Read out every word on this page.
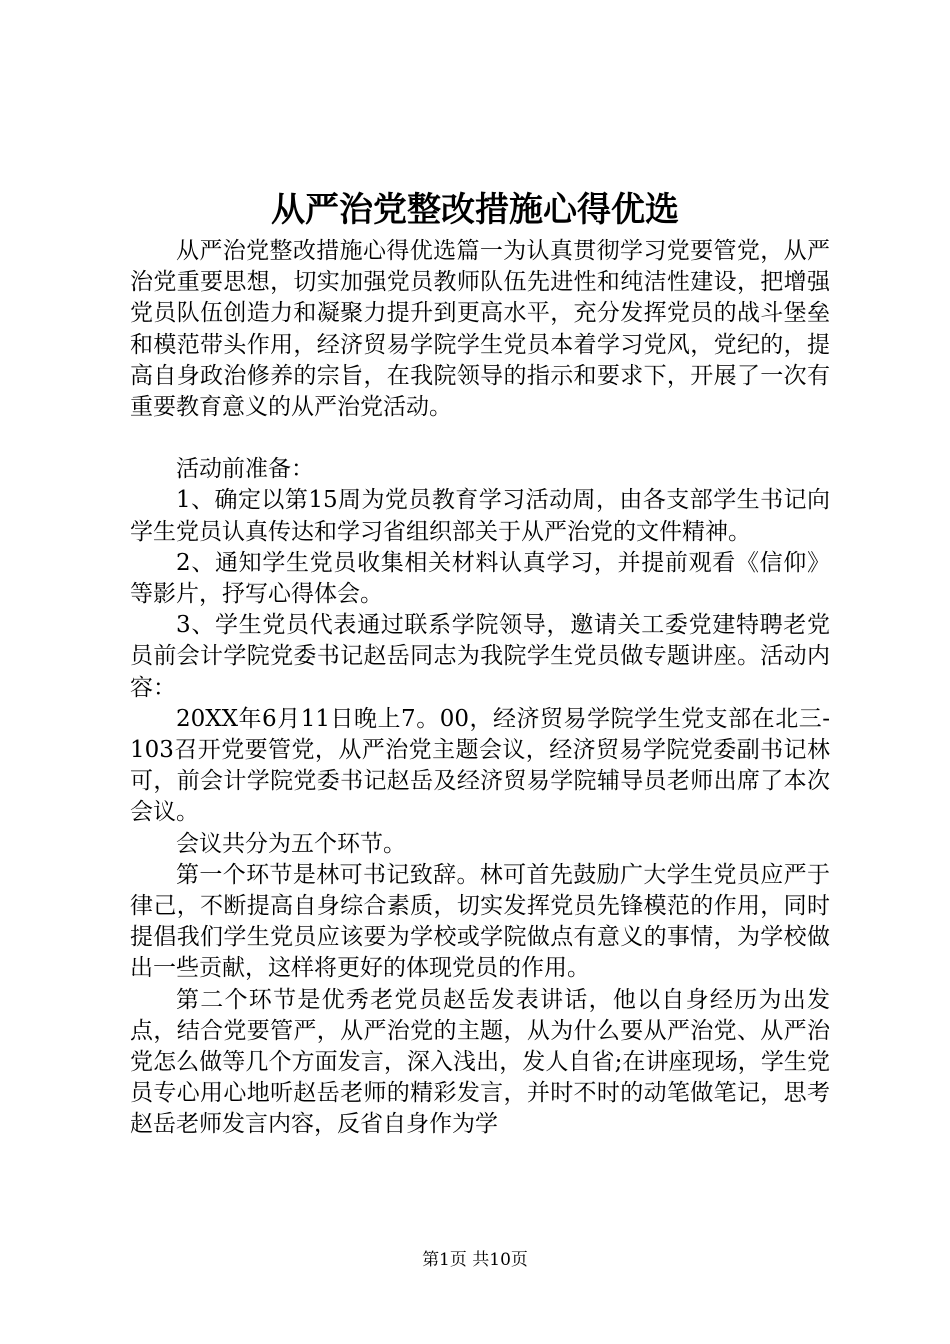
从严治党整改措施心得优选

从严治党整改措施心得优选篇一为认真贯彻学习党要管党，从严治党重要思想，切实加强党员教师队伍先进性和纯洁性建设，把增强党员队伍创造力和凝聚力提升到更高水平，充分发挥党员的战斗堡垒和模范带头作用，经济贸易学院学生党员本着学习党风，党纪的，提高自身政治修养的宗旨，在我院领导的指示和要求下，开展了一次有重要教育意义的从严治党活动。

活动前准备：

1、确定以第15周为党员教育学习活动周，由各支部学生书记向学生党员认真传达和学习省组织部关于从严治党的文件精神。

2、通知学生党员收集相关材料认真学习，并提前观看《信仰》等影片，抒写心得体会。

3、学生党员代表通过联系学院领导，邀请关工委党建特聘老党员前会计学院党委书记赵岳同志为我院学生党员做专题讲座。活动内容：

20XX年6月11日晚上7。00，经济贸易学院学生党支部在北三-103召开党要管党，从严治党主题会议，经济贸易学院党委副书记林可，前会计学院党委书记赵岳及经济贸易学院辅导员老师出席了本次会议。

会议共分为五个环节。

第一个环节是林可书记致辞。林可首先鼓励广大学生党员应严于律己，不断提高自身综合素质，切实发挥党员先锋模范的作用，同时提倡我们学生党员应该要为学校或学院做点有意义的事情，为学校做出一些贡献，这样将更好的体现党员的作用。

第二个环节是优秀老党员赵岳发表讲话，他以自身经历为出发点，结合党要管严，从严治党的主题，从为什么要从严治党、从严治党怎么做等几个方面发言，深入浅出，发人自省;在讲座现场，学生党员专心用心地听赵岳老师的精彩发言，并时不时的动笔做笔记，思考赵岳老师发言内容，反省自身作为学

第1页 共10页
